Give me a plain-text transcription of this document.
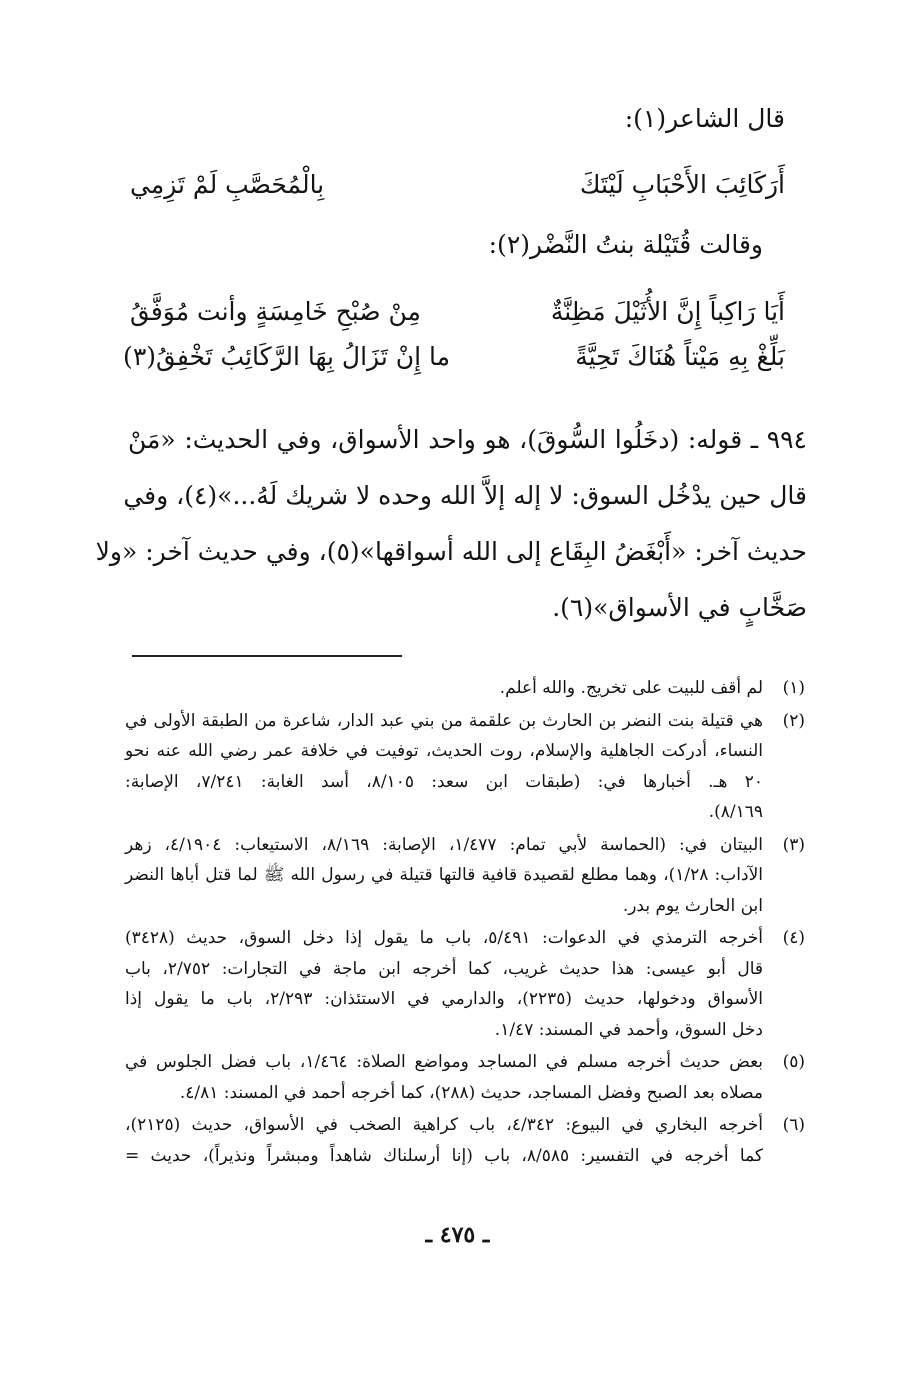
قال الشاعر(١):
أَرَكَائِبَ الأَحْبَابِ لَيْتَكَ
بِالْمُحَصَّبِ لَمْ تَزِمِي
وقالت قُتَيْلة بنتُ النَّضْر(٢):
أَيَا رَاكِباً إِنَّ الأُثَيْلَ مَظِنَّةٌ
مِنْ صُبْحِ خَامِسَةٍ وأنت مُوَفَّقُ
بَلِّغْ بِهِ مَيْتاً هُنَاكَ تَحِيَّةً
ما إِنْ تَزَالُ بِهَا الرَّكَائِبُ تَخْفِقُ(٣)
٩٩٤ ـ قوله: (دخَلُوا السُّوقَ)، هو واحد الأسواق، وفي الحديث: «مَنْ
قال حين يدْخُل السوق: لا إله إلاَّ الله وحده لا شريك لَهُ...»(٤)، وفي
حديث آخر: «أَبْغَضُ البِقَاع إلى الله أسواقها»(٥)، وفي حديث آخر: «ولا
صَخَّابٍ في الأسواق»(٦).
(١)
لم أقف للبيت على تخريج. والله أعلم.
(٢)
هي قتيلة بنت النضر بن الحارث بن علقمة من بني عبد الدار، شاعرة من الطبقة الأولى في
النساء، أدركت الجاهلية والإسلام، روت الحديث، توفيت في خلافة عمر رضي الله عنه نحو
٢٠ هـ. أخبارها في: (طبقات ابن سعد: ٨/١٠٥، أسد الغابة: ٧/٢٤١، الإصابة:
٨/١٦٩).
(٣)
البيتان في: (الحماسة لأبي تمام: ١/٤٧٧، الإصابة: ٨/١٦٩، الاستيعاب: ٤/١٩٠٤، زهر
الآداب: ١/٢٨)، وهما مطلع لقصيدة قافية قالتها قتيلة في رسول الله ﷺ لما قتل أباها النضر
ابن الحارث يوم بدر.
(٤)
أخرجه الترمذي في الدعوات: ٥/٤٩١، باب ما يقول إذا دخل السوق، حديث (٣٤٢٨)
قال أبو عيسى: هذا حديث غريب، كما أخرجه ابن ماجة في التجارات: ٢/٧٥٢، باب
الأسواق ودخولها، حديث (٢٢٣٥)، والدارمي في الاستئذان: ٢/٢٩٣، باب ما يقول إذا
دخل السوق، وأحمد في المسند: ١/٤٧.
(٥)
بعض حديث أخرجه مسلم في المساجد ومواضع الصلاة: ١/٤٦٤، باب فضل الجلوس في
مصلاه بعد الصبح وفضل المساجد، حديث (٢٨٨)، كما أخرجه أحمد في المسند: ٤/٨١.
(٦)
أخرجه البخاري في البيوع: ٤/٣٤٢، باب كراهية الصخب في الأسواق، حديث (٢١٢٥)،
كما أخرجه في التفسير: ٨/٥٨٥، باب (إنا أرسلناك شاهداً ومبشراً ونذيراً)، حديث =
ـ ٤٧٥ ـ
